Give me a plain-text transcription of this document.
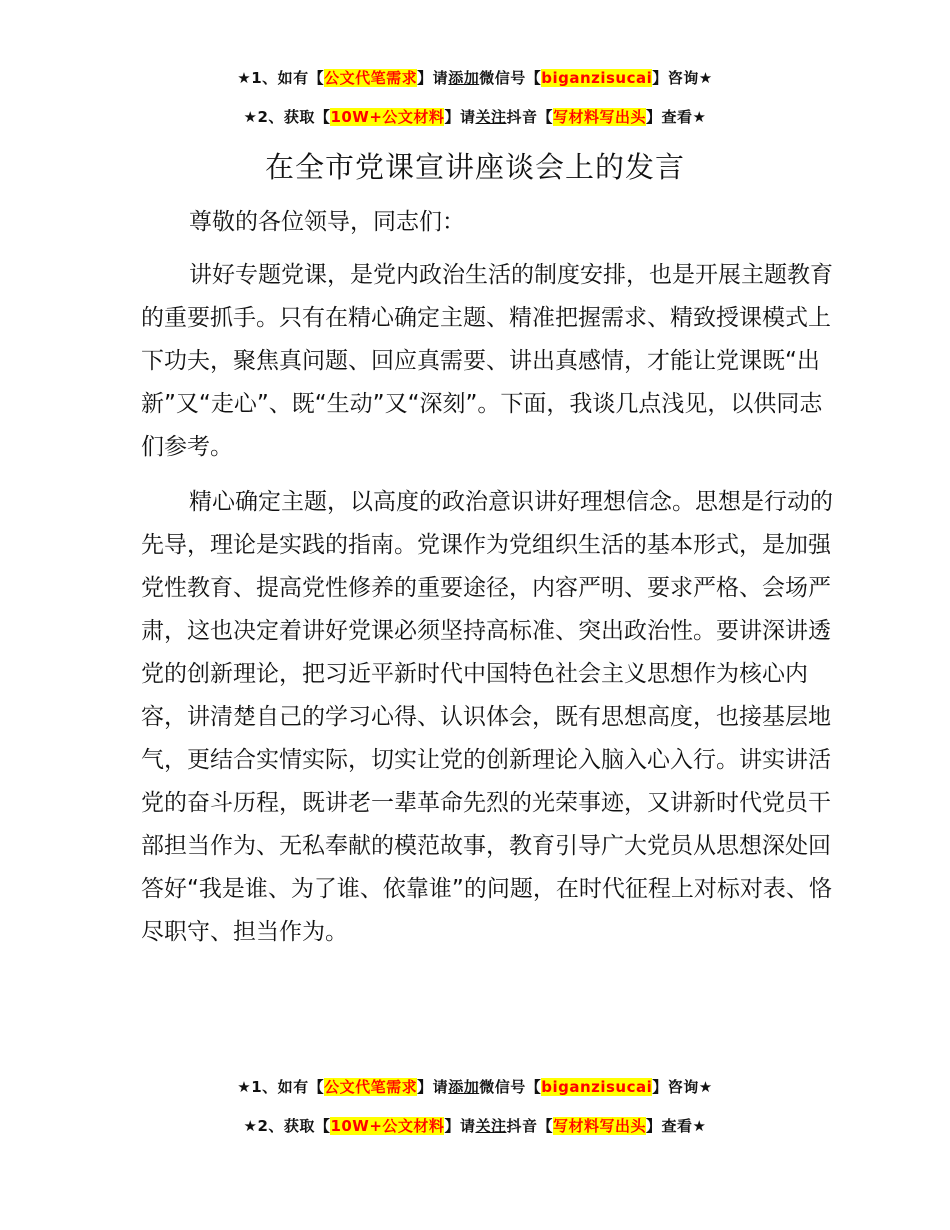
★1、如有【公文代笔需求】请添加微信号【biganzisucai】咨询★
★2、获取【10W+公文材料】请关注抖音【写材料写出头】查看★
在全市党课宣讲座谈会上的发言

尊敬的各位领导，同志们：

讲好专题党课，是党内政治生活的制度安排，也是开展主题教育的重要抓手。只有在精心确定主题、精准把握需求、精致授课模式上下功夫，聚焦真问题、回应真需要、讲出真感情，才能让党课既“出新”又“走心”、既“生动”又“深刻”。下面，我谈几点浅见，以供同志们参考。

精心确定主题，以高度的政治意识讲好理想信念。思想是行动的先导，理论是实践的指南。党课作为党组织生活的基本形式，是加强党性教育、提高党性修养的重要途径，内容严明、要求严格、会场严肃，这也决定着讲好党课必须坚持高标准、突出政治性。要讲深讲透党的创新理论，把习近平新时代中国特色社会主义思想作为核心内容，讲清楚自己的学习心得、认识体会，既有思想高度，也接基层地气，更结合实情实际，切实让党的创新理论入脑入心入行。讲实讲活党的奋斗历程，既讲老一辈革命先烈的光荣事迹，又讲新时代党员干部担当作为、无私奉献的模范故事，教育引导广大党员从思想深处回答好“我是谁、为了谁、依靠谁”的问题，在时代征程上对标对表、恪尽职守、担当作为。

★1、如有【公文代笔需求】请添加微信号【biganzisucai】咨询★
★2、获取【10W+公文材料】请关注抖音【写材料写出头】查看★
